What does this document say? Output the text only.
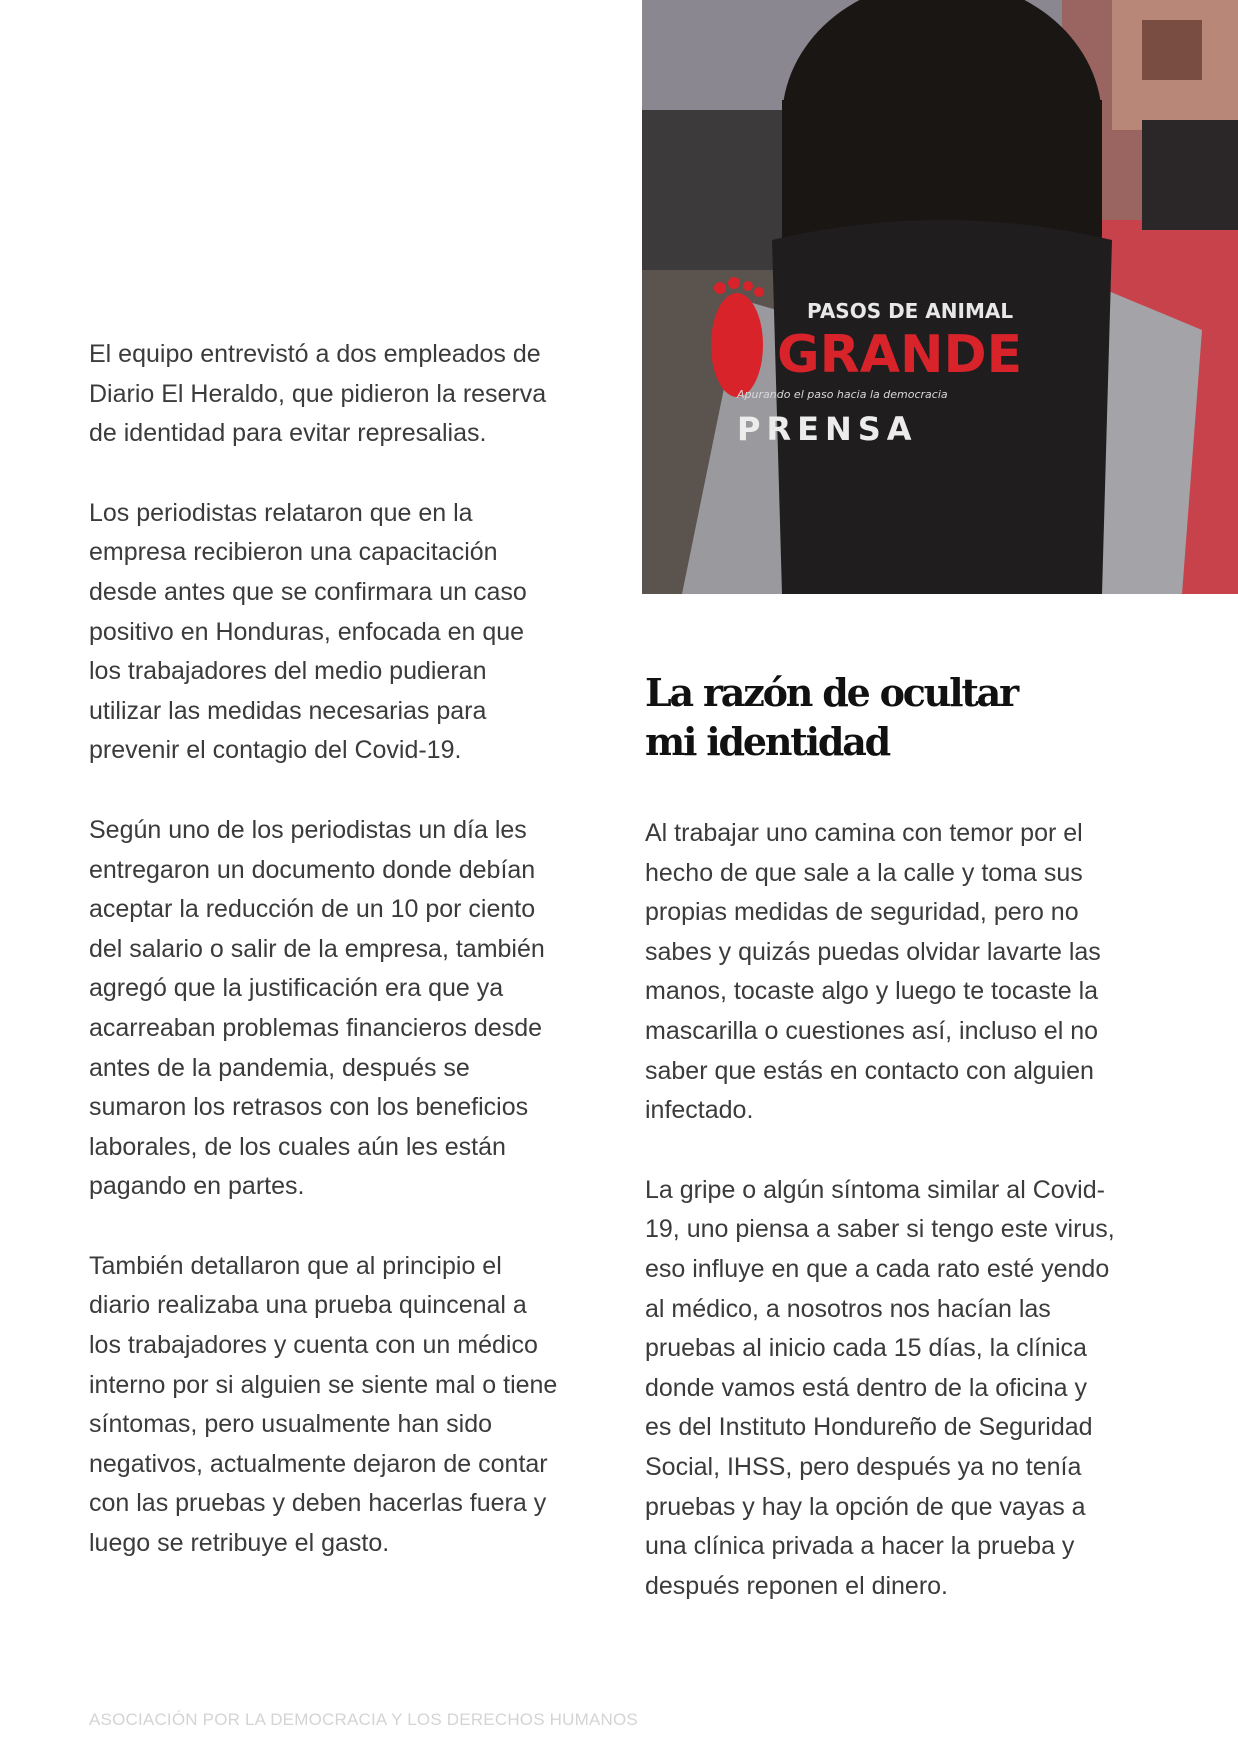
El equipo entrevistó a dos empleados de
Diario El Heraldo, que pidieron la reserva
de identidad para evitar represalias.

Los periodistas relataron que en la
empresa recibieron una capacitación
desde antes que se confirmara un caso
positivo en Honduras, enfocada en que
los trabajadores del medio pudieran
utilizar las medidas necesarias para
prevenir el contagio del Covid-19.

Según uno de los periodistas un día les
entregaron un documento donde debían
aceptar la reducción de un 10 por ciento
del salario o salir de la empresa, también
agregó que la justificación era que ya
acarreaban problemas financieros desde
antes de la pandemia, después se
sumaron los retrasos con los beneficios
laborales, de los cuales aún les están
pagando en partes.

También detallaron que al principio el
diario realizaba una prueba quincenal a
los trabajadores y cuenta con un médico
interno por si alguien se siente mal o tiene
síntomas, pero usualmente han sido
negativos, actualmente dejaron de contar
con las pruebas y deben hacerlas fuera y
luego se retribuye el gasto.

PASOS DE ANIMAL
GRANDE
Apurando el paso hacia la democracia
PRENSA
La razón de ocultar
mi identidad

Al trabajar uno camina con temor por el
hecho de que sale a la calle y toma sus
propias medidas de seguridad, pero no
sabes y quizás puedas olvidar lavarte las
manos, tocaste algo y luego te tocaste la
mascarilla o cuestiones así, incluso el no
saber que estás en contacto con alguien
infectado.

La gripe o algún síntoma similar al Covid-
19, uno piensa a saber si tengo este virus,
eso influye en que a cada rato esté yendo
al médico, a nosotros nos hacían las
pruebas al inicio cada 15 días, la clínica
donde vamos está dentro de la oficina y
es del Instituto Hondureño de Seguridad
Social, IHSS, pero después ya no tenía
pruebas y hay la opción de que vayas a
una clínica privada a hacer la prueba y
después reponen el dinero.

ASOCIACIÓN POR LA DEMOCRACIA Y LOS DERECHOS HUMANOS
